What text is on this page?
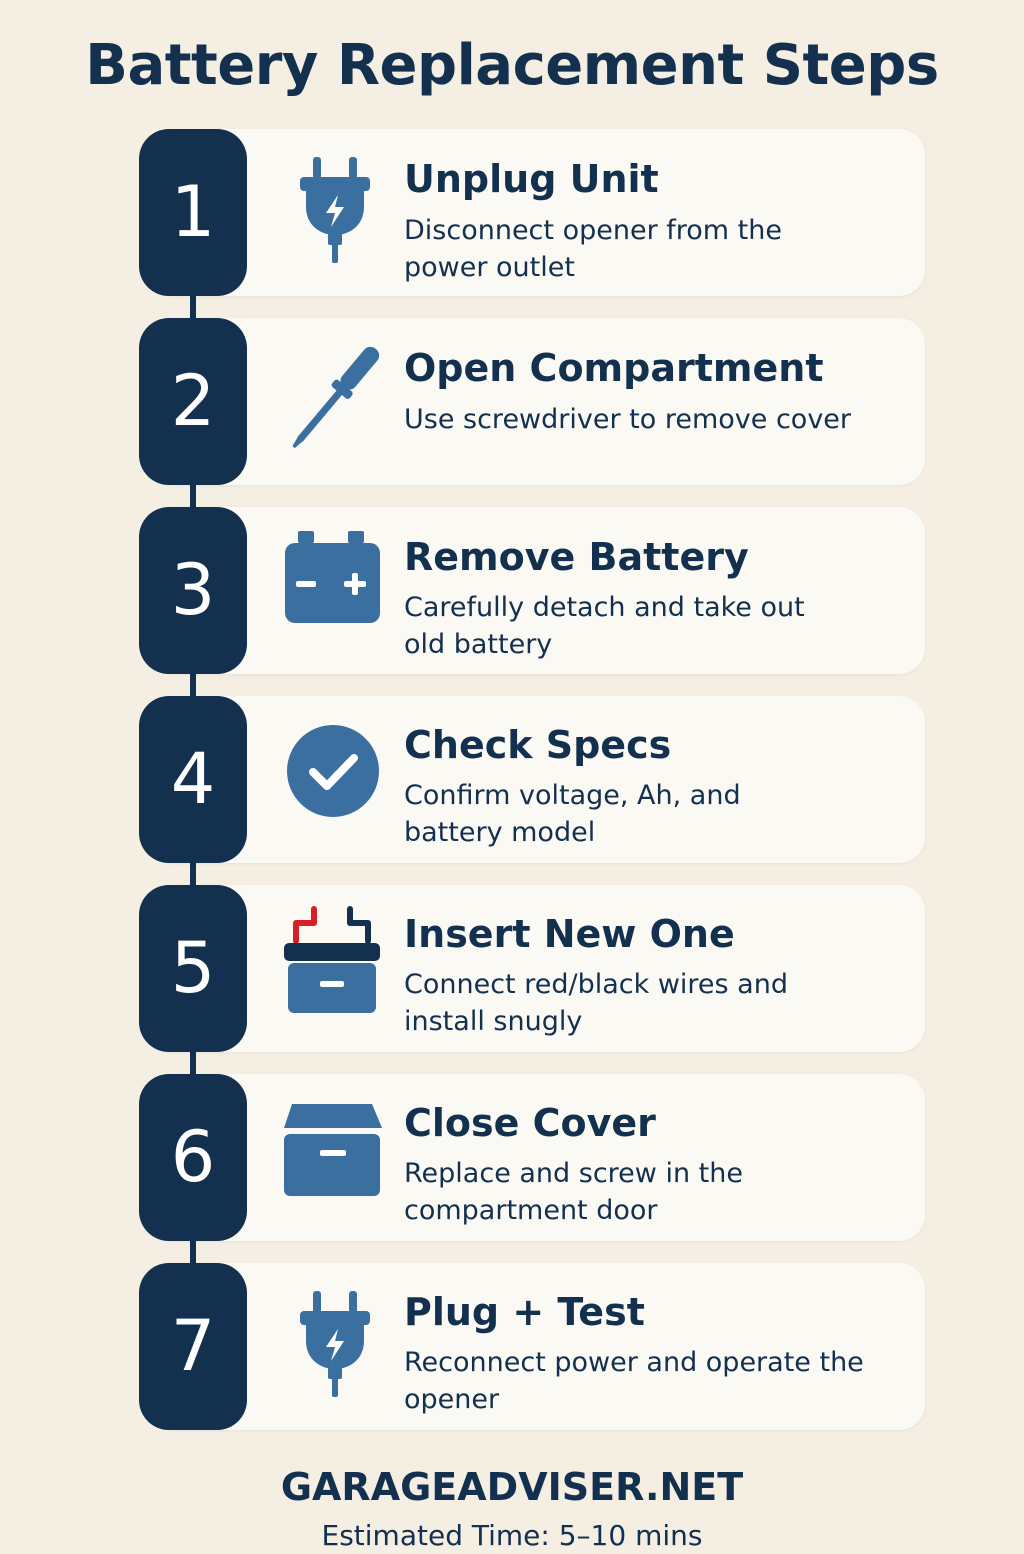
Battery Replacement Steps
1	Unplug Unit
Disconnect opener from the power outlet
2	Open Compartment
Use screwdriver to remove cover
3	Remove Battery
Carefully detach and take out old battery
4	Check Specs
Confirm voltage, Ah, and battery model
5	Insert New One
Connect red/black wires and install snugly
6	Close Cover
Replace and screw in the compartment door
7	Plug + Test
Reconnect power and operate the opener
GARAGEADVISER.NET
Estimated Time: 5–10 mins
